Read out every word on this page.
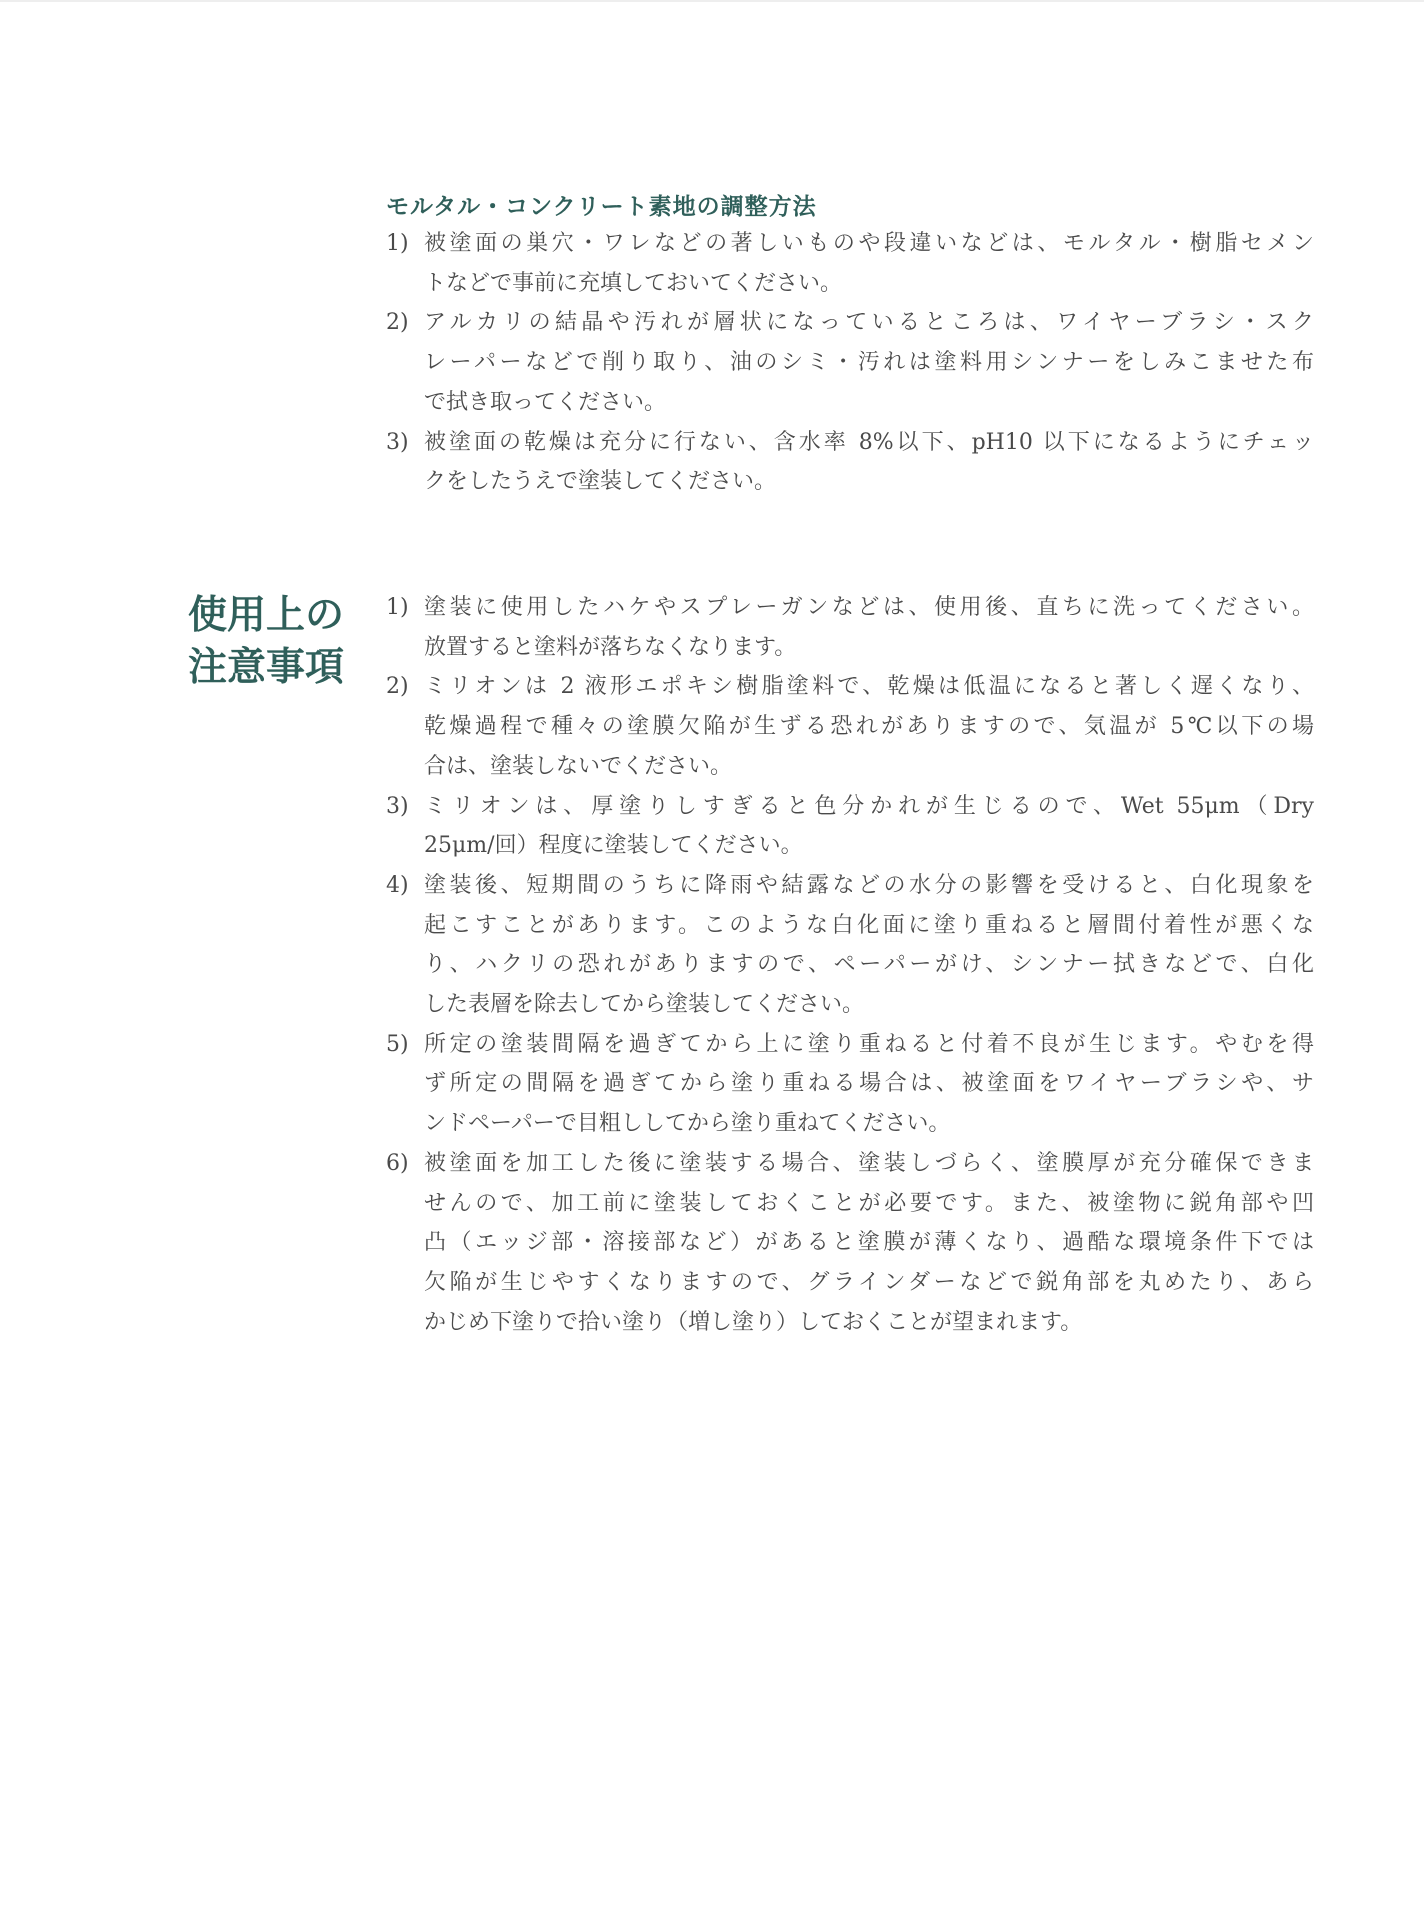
モルタル・コンクリート素地の調整方法
1) 被塗面の巣穴・ワレなどの著しいものや段違いなどは、モルタル・樹脂セメン
トなどで事前に充填しておいてください。
2) アルカリの結晶や汚れが層状になっているところは、ワイヤーブラシ・スク
レーパーなどで削り取り、油のシミ・汚れは塗料用シンナーをしみこませた布
で拭き取ってください。
3) 被塗面の乾燥は充分に行ない、含水率 8%以下、pH10 以下になるようにチェッ
クをしたうえで塗装してください。
使用上の
注意事項
1) 塗装に使用したハケやスプレーガンなどは、使用後、直ちに洗ってください。
放置すると塗料が落ちなくなります。
2) ミリオンは 2 液形エポキシ樹脂塗料で、乾燥は低温になると著しく遅くなり、
乾燥過程で種々の塗膜欠陥が生ずる恐れがありますので、気温が 5℃以下の場
合は、塗装しないでください。
3) ミリオンは、厚塗りしすぎると色分かれが生じるので、Wet 55μm（Dry
25μm/回）程度に塗装してください。
4) 塗装後、短期間のうちに降雨や結露などの水分の影響を受けると、白化現象を
起こすことがあります。このような白化面に塗り重ねると層間付着性が悪くな
り、ハクリの恐れがありますので、ペーパーがけ、シンナー拭きなどで、白化
した表層を除去してから塗装してください。
5) 所定の塗装間隔を過ぎてから上に塗り重ねると付着不良が生じます。やむを得
ず所定の間隔を過ぎてから塗り重ねる場合は、被塗面をワイヤーブラシや、サ
ンドペーパーで目粗ししてから塗り重ねてください。
6) 被塗面を加工した後に塗装する場合、塗装しづらく、塗膜厚が充分確保できま
せんので、加工前に塗装しておくことが必要です。また、被塗物に鋭角部や凹
凸（エッジ部・溶接部など）があると塗膜が薄くなり、過酷な環境条件下では
欠陥が生じやすくなりますので、グラインダーなどで鋭角部を丸めたり、あら
かじめ下塗りで拾い塗り（増し塗り）しておくことが望まれます。
